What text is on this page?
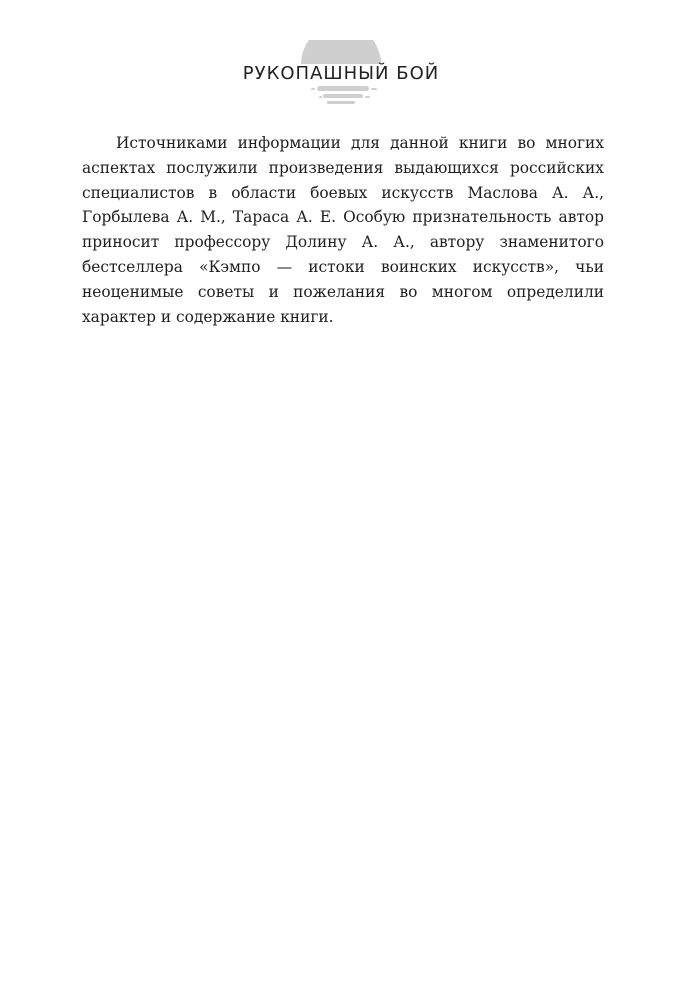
РУКОПАШНЫЙ БОЙ

Источниками информации для данной книги во многих аспектах послужили произведения выдающихся российских специалистов в области боевых искусств Маслова А. А., Горбылева А. М., Тараса А. Е. Особую признательность автор приносит профессору Долину А. А., автору знаменитого бестселлера «Кэмпо — истоки воинских искусств», чьи неоценимые советы и пожелания во многом определили характер и содержание книги.
